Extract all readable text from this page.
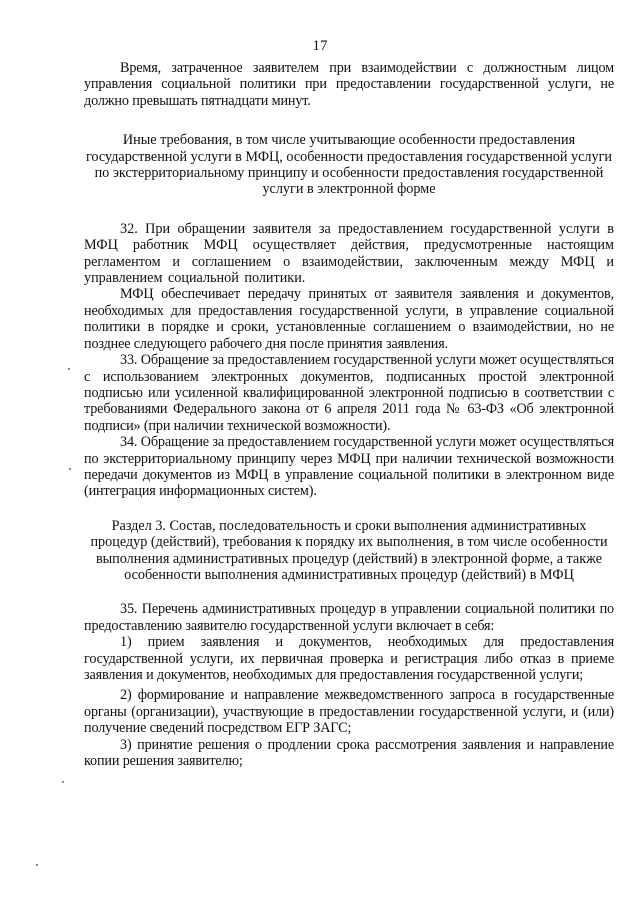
17

Время, затраченное заявителем при взаимодействии с должностным лицом управления социальной политики при предоставлении государственной услуги, не должно превышать пятнадцати минут.

Иные требования, в том числе учитывающие особенности предоставления государственной услуги в МФЦ, особенности предоставления государственной услуги по экстерриториальному принципу и особенности предоставления государственной услуги в электронной форме

32. При обращении заявителя за предоставлением государственной услуги в МФЦ работник МФЦ осуществляет действия, предусмотренные настоящим регламентом и соглашением о взаимодействии, заключенным между МФЦ и управлением социальной политики.

МФЦ обеспечивает передачу принятых от заявителя заявления и документов, необходимых для предоставления государственной услуги, в управление социальной политики в порядке и сроки, установленные соглашением о взаимодействии, но не позднее следующего рабочего дня после принятия заявления.

33. Обращение за предоставлением государственной услуги может осуществляться с использованием электронных документов, подписанных простой электронной подписью или усиленной квалифицированной электронной подписью в соответствии с требованиями Федерального закона от 6 апреля 2011 года № 63-ФЗ «Об электронной подписи» (при наличии технической возможности).

34. Обращение за предоставлением государственной услуги может осуществляться по экстерриториальному принципу через МФЦ при наличии технической возможности передачи документов из МФЦ в управление социальной политики в электронном виде (интеграция информационных систем).

Раздел 3. Состав, последовательность и сроки выполнения административных процедур (действий), требования к порядку их выполнения, в том числе особенности выполнения административных процедур (действий) в электронной форме, а также особенности выполнения административных процедур (действий) в МФЦ

35. Перечень административных процедур в управлении социальной политики по предоставлению заявителю государственной услуги включает в себя:

1) прием заявления и документов, необходимых для предоставления государственной услуги, их первичная проверка и регистрация либо отказ в приеме заявления и документов, необходимых для предоставления государственной услуги;

2) формирование и направление межведомственного запроса в государственные органы (организации), участвующие в предоставлении государственной услуги, и (или) получение сведений посредством ЕГР ЗАГС;

3) принятие решения о продлении срока рассмотрения заявления и направление копии решения заявителю;
